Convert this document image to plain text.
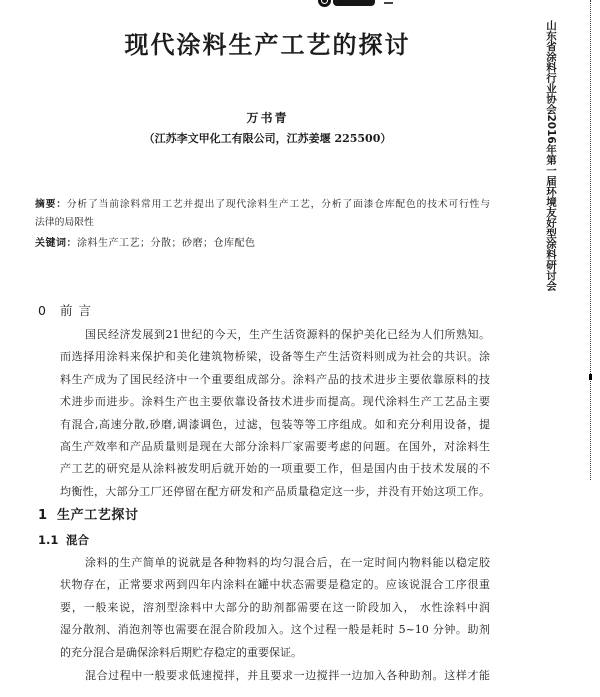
现代涂料生产工艺的探讨
万书青
（江苏李文甲化工有限公司，江苏姜堰 225500）
摘要：分析了当前涂料常用工艺并提出了现代涂料生产工艺，分析了面漆仓库配色的技术可行性与
法律的局限性
关键词：涂料生产工艺；分散；砂磨；仓库配色
0 前 言
国民经济发展到21世纪的今天，生产生活资源料的保护美化已经为人们所熟知。
而选择用涂料来保护和美化建筑物桥梁，设备等生产生活资料则成为社会的共识。涂
料生产成为了国民经济中一个重要组成部分。涂料产品的技术进步主要依靠原料的技
术进步而进步。涂料生产也主要依靠设备技术进步而提高。现代涂料生产工艺品主要
有混合,高速分散,砂磨,调漆调色，过滤，包装等等工序组成。如和充分利用设备，提
高生产效率和产品质量则是现在大部分涂料厂家需要考虑的问题。在国外，对涂料生
产工艺的研究是从涂料被发明后就开始的一项重要工作，但是国内由于技术发展的不
均衡性，大部分工厂还停留在配方研发和产品质量稳定这一步，并没有开始这项工作。
1 生产工艺探讨
1.1 混合
涂料的生产简单的说就是各种物料的均匀混合后，在一定时间内物料能以稳定胶
状物存在，正常要求两到四年内涂料在罐中状态需要是稳定的。应该说混合工序很重
要，一般来说，溶剂型涂料中大部分的助剂都需要在这一阶段加入， 水性涂料中润
湿分散剂、消泡剂等也需要在混合阶段加入。这个过程一般是耗时 5~10 分钟。助剂
的充分混合是确保涂料后期贮存稳定的重要保证。
混合过程中一般要求低速搅拌，并且要求一边搅拌一边加入各种助剂。这样才能
山东省涂料行业协会2016年第一届环境友好型涂料研讨会
